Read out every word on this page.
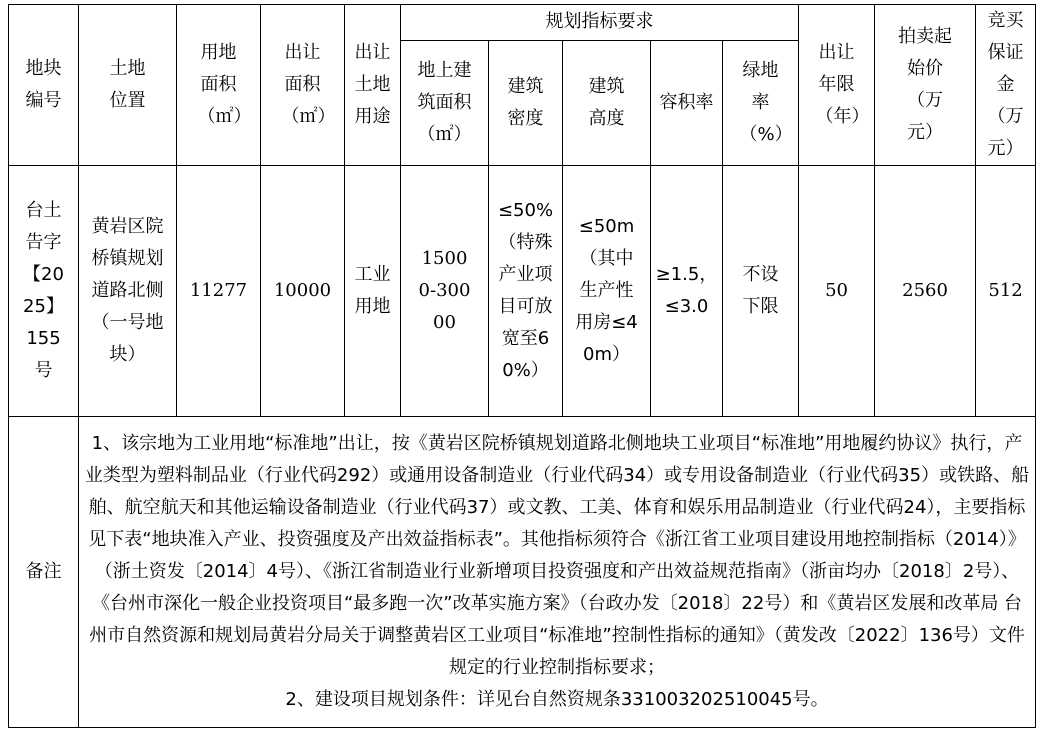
地块编号	土地位置	用地面积（㎡）	出让面积（㎡）	出让土地用途	规划指标要求					出让年限（年）	拍卖起始价（万元）	竞买保证金（万元）

					地上建筑面积（㎡）	建筑密度	建筑高度	容积率	绿地率（%）			

台土告字【2025】155号	黄岩区院桥镇规划道路北侧（一号地块）	11277	10000	工业用地	15000-30000	≤50%（特殊产业项目可放宽至60%）	≤50m（其中生产性用房≤40m）	≥1.5，≤3.0	不设下限	50	2560	512
备注	1、该宗地为工业用地“标准地”出让，按《黄岩区院桥镇规划道路北侧地块工业项目“标准地”用地履约协议》执行，产业类型为塑料制品业（行业代码292）或通用设备制造业（行业代码34）或专用设备制造业（行业代码35）或铁路、船舶、航空航天和其他运输设备制造业（行业代码37）或文教、工美、体育和娱乐用品制造业（行业代码24），主要指标见下表“地块准入产业、投资强度及产出效益指标表”。其他指标须符合《浙江省工业项目建设用地控制指标（2014）》（浙土资发〔2014〕4号）、《浙江省制造业行业新增项目投资强度和产出效益规范指南》（浙亩均办〔2018〕2号）、《台州市深化一般企业投资项目“最多跑一次”改革实施方案》（台政办发〔2018〕22号）和《黄岩区发展和改革局 台州市自然资源和规划局黄岩分局关于调整黄岩区工业项目“标准地”控制性指标的通知》（黄发改〔2022〕136号）文件规定的行业控制指标要求；
2、建设项目规划条件：详见台自然资规条331003202510045号。											
